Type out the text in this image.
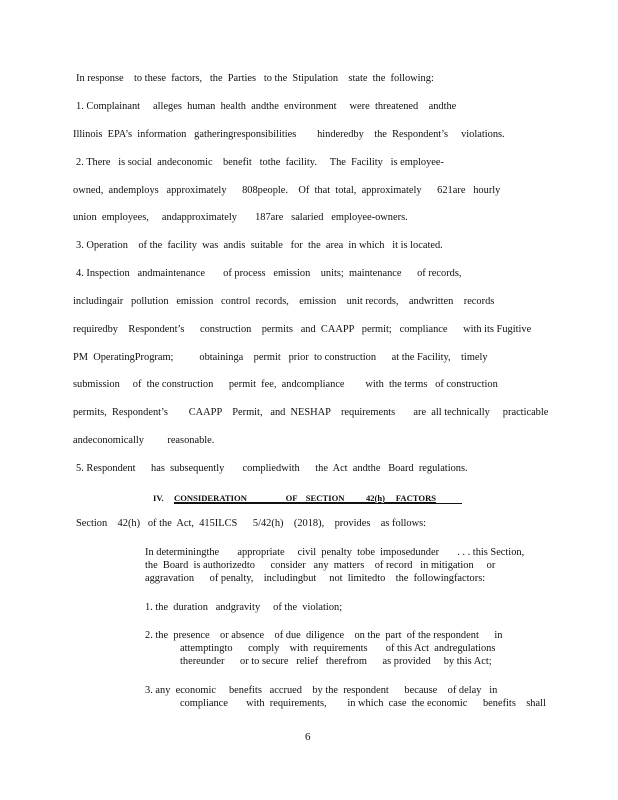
In response    to these  factors,   the  Parties   to the  Stipulation    state  the  following:
1. Complainant     alleges  human  health  andthe  environment     were  threatened    andthe
Illinois  EPA’s  information   gatheringresponsibilities        hinderedby    the  Respondent’s     violations.
2. There   is social  andeconomic    benefit   tothe  facility.     The  Facility   is employee-
owned,  andemploys   approximately      808people.    Of  that  total,  approximately      621are   hourly
union  employees,     andapproximately       187are   salaried   employee-owners.
3. Operation    of the  facility  was  andis  suitable   for  the  area  in which   it is located.
4. Inspection   andmaintenance       of process   emission    units;  maintenance      of records,
includingair   pollution   emission   control  records,    emission    unit records,    andwritten    records
requiredby    Respondent’s      construction    permits   and  CAAPP   permit;   compliance      with its Fugitive
PM  OperatingProgram;          obtaininga    permit   prior  to construction      at the Facility,    timely
submission     of  the construction      permit  fee,  andcompliance        with  the terms   of construction
permits,  Respondent’s        CAAPP    Permit,   and  NESHAP    requirements       are  all technically     practicable
andeconomically         reasonable.
5. Respondent      has  subsequently       compliedwith      the  Act  andthe   Board  regulations.
IV. CONSIDERATION                  OF    SECTION          42(h)     FACTORS
Section    42(h)   of the  Act,  415ILCS      5/42(h)    (2018),    provides    as follows:
In determiningthe       appropriate     civil  penalty  tobe  imposedunder       . . . this Section,
the  Board  is authorizedto      consider   any  matters    of record   in mitigation     or
aggravation      of penalty,    includingbut     not  limitedto    the  followingfactors:
1. the  duration   andgravity     of the  violation;
2. the  presence    or absence    of due  diligence    on the  part  of the respondent      in
attemptingto      comply    with  requirements       of this Act  andregulations
thereunder      or to secure   relief   therefrom      as provided     by this Act;
3. any  economic     benefits   accrued    by the  respondent      because    of delay   in
compliance       with  requirements,        in which  case  the economic      benefits    shall
6
